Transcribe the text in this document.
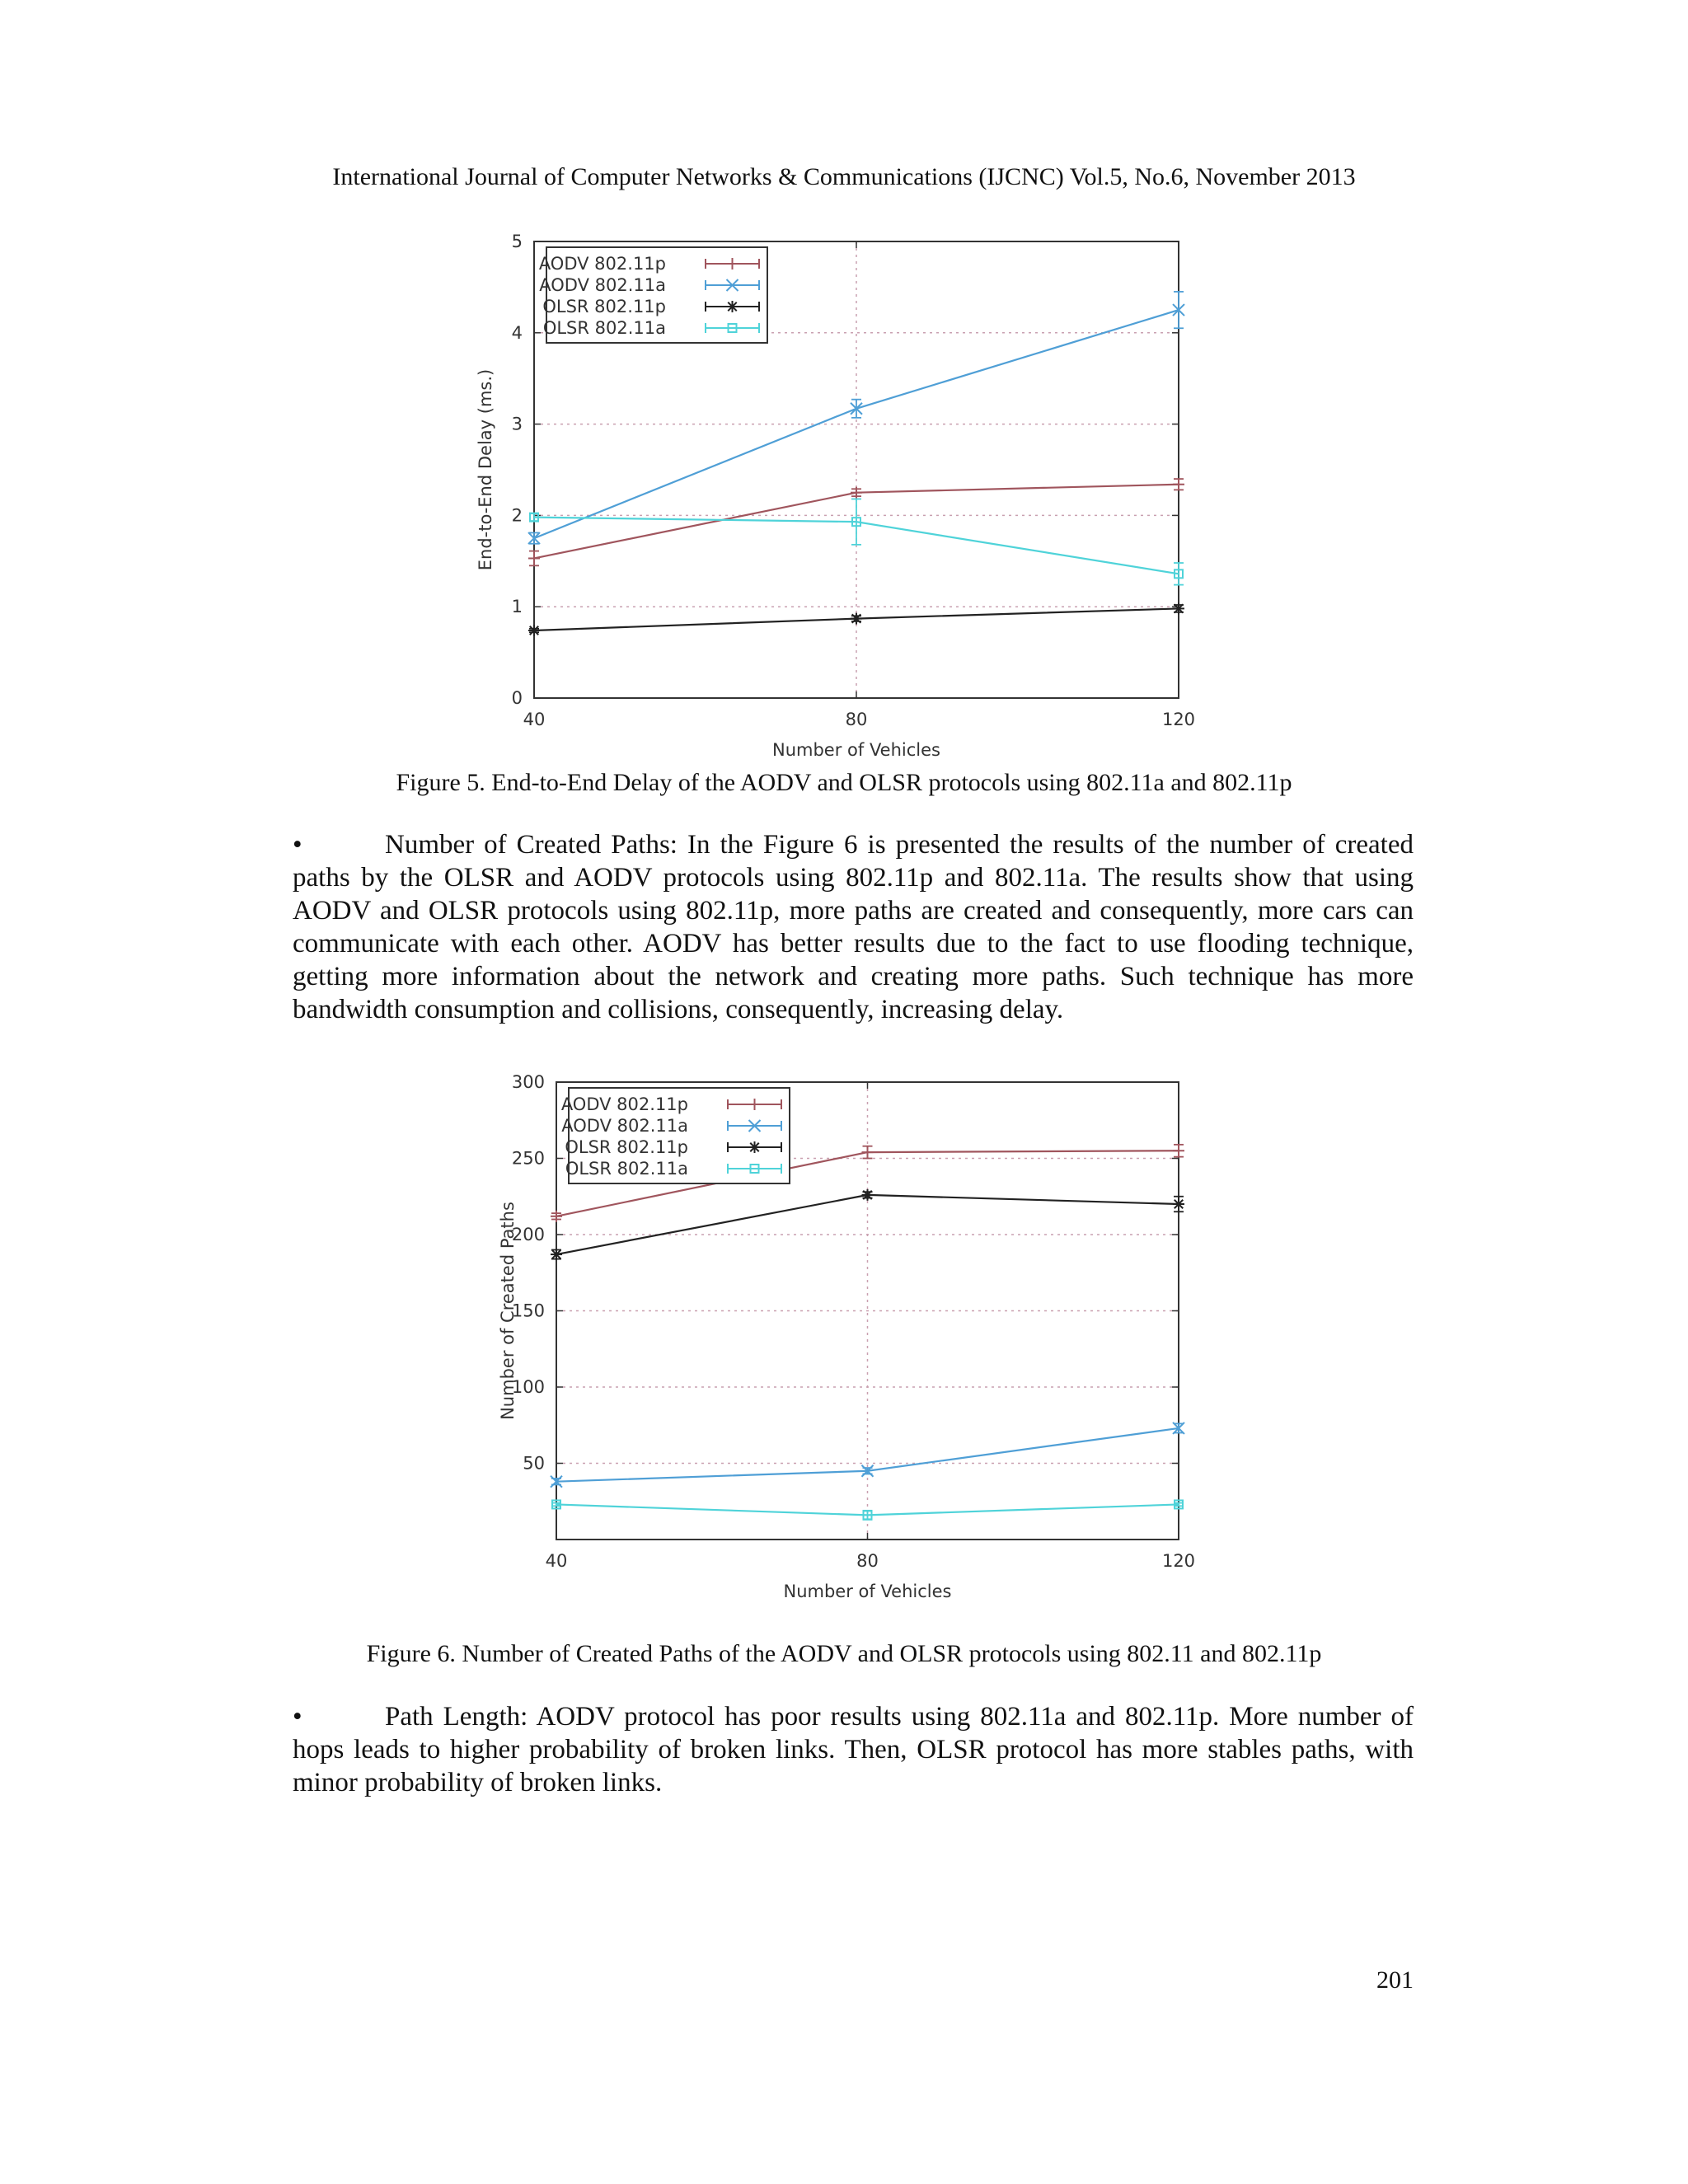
International Journal of Computer Networks & Communications (IJCNC) Vol.5, No.6, November 2013
0
1
2
3
4
5
40	80	120
Number of Vehicles
End-to-End Delay (ms.)
AODV 802.11p
AODV 802.11a
OLSR 802.11p
OLSR 802.11a
Figure 5. End-to-End Delay of the AODV and OLSR protocols using 802.11a and 802.11p

•	Number of Created Paths: In the Figure 6 is presented the results of the number of created paths by the OLSR and AODV protocols using 802.11p and 802.11a. The results show that using AODV and OLSR protocols using 802.11p, more paths are created and consequently, more cars can communicate with each other. AODV has better results due to the fact to use flooding technique, getting more information about the network and creating more paths. Such technique has more bandwidth consumption and collisions, consequently, increasing delay.

50
100
150
200
250
300
40	80	120
Number of Vehicles
Number of Created Paths
AODV 802.11p
AODV 802.11a
OLSR 802.11p
OLSR 802.11a
Figure 6. Number of Created Paths of the AODV and OLSR protocols using 802.11 and 802.11p

•	Path Length: AODV protocol has poor results using 802.11a and 802.11p. More number of hops leads to higher probability of broken links. Then, OLSR protocol has more stables paths, with minor probability of broken links.

201
